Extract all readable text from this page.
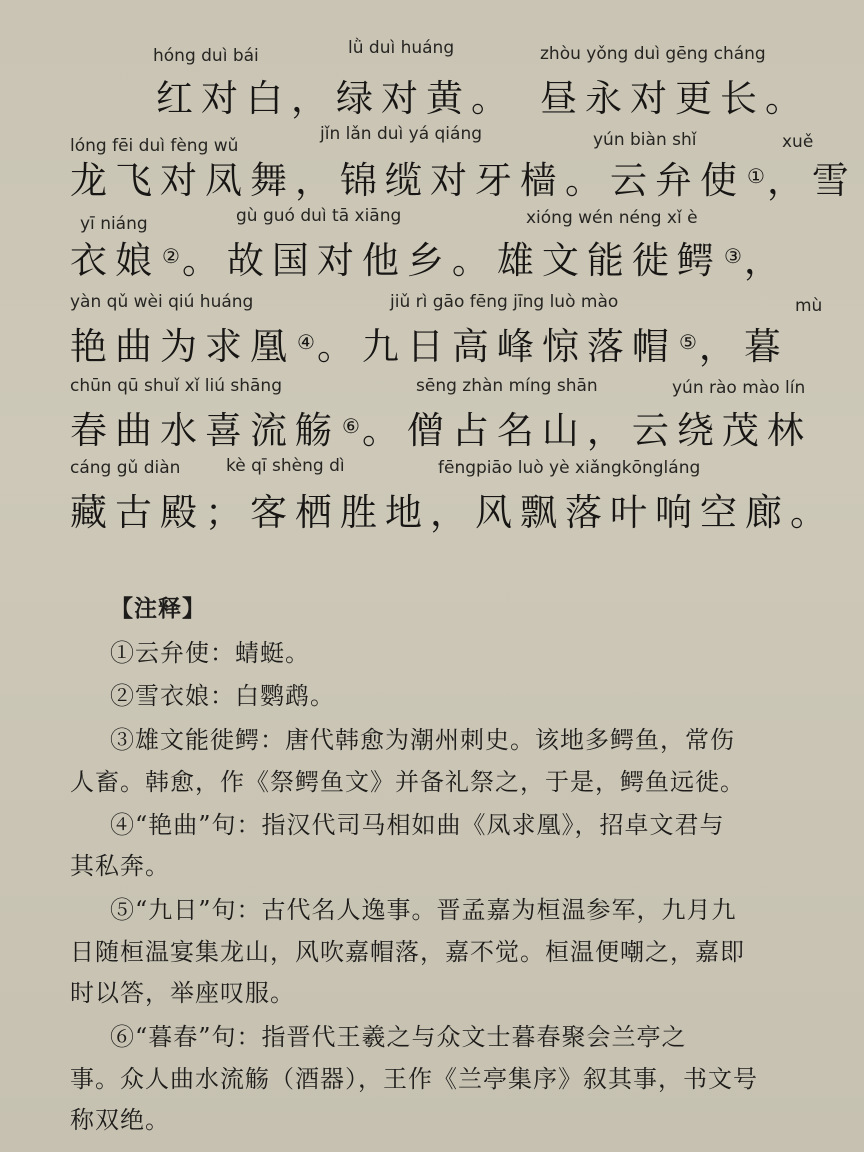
hóng duì bái	lǜ duì huáng	zhòu yǒng duì gēng cháng
红对白，绿对黄。 昼永对更长。
lóng fēi duì fèng wǔ
jǐn lǎn duì yá qiáng	yún biàn shǐ	xuě
龙飞对凤舞，锦缆对牙樯。云弁使 ①，雪
yī niáng	gù guó duì tā xiāng	xióng wén néng xǐ è
衣娘 ②。故国对他乡。雄文能徙鳄 ③，
yàn qǔ wèi qiú huáng	jiǔ rì gāo fēng jīng luò mào	mù
艳曲为求凰 ④。九日高峰惊落帽 ⑤，暮
chūn qū shuǐ xǐ liú shāng	sēng zhàn míng shān	yún rào mào lín
春曲水喜流觞 ⑥。僧占名山，云绕茂林
cáng gǔ diàn	kè qī shèng dì	fēngpiāo luò yè xiǎngkōngláng
藏古殿；客栖胜地，风飘落叶响空廊。
【注释】
①云弁使：蜻蜓。
②雪衣娘：白鹦鹉。
③雄文能徙鳄：唐代韩愈为潮州刺史。该地多鳄鱼，常伤
人畜。韩愈，作《祭鳄鱼文》并备礼祭之，于是，鳄鱼远徙。
④“艳曲”句：指汉代司马相如曲《凤求凰》，招卓文君与
其私奔。
⑤“九日”句：古代名人逸事。晋孟嘉为桓温参军，九月九
日随桓温宴集龙山，风吹嘉帽落，嘉不觉。桓温便嘲之，嘉即
时以答，举座叹服。
⑥“暮春”句：指晋代王羲之与众文士暮春聚会兰亭之
事。众人曲水流觞（酒器），王作《兰亭集序》叙其事，书文号
称双绝。
